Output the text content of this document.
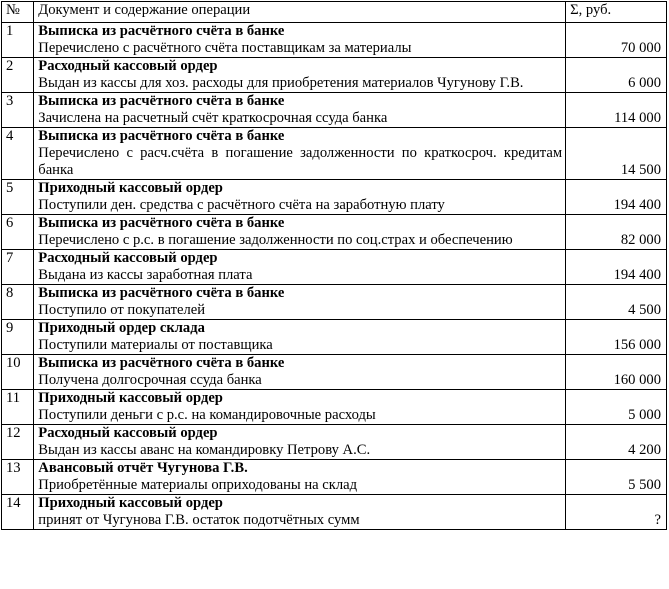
№	Документ и содержание операции	Σ, руб.
1	Выписка из расчётного счёта в банке
Перечислено с расчётного счёта поставщикам за материалы	70 000
2	Расходный кассовый ордер
Выдан из кассы для хоз. расходы для приобретения материалов Чугунову Г.В.	6 000
3	Выписка из расчётного счёта в банке
Зачислена на расчетный счёт краткосрочная ссуда банка	114 000
4	Выписка из расчётного счёта в банке
Перечислено с расч.счёта в погашение задолженности по краткосроч. кредитам банка	14 500
5	Приходный кассовый ордер
Поступили ден. средства с расчётного счёта на заработную плату	194 400
6	Выписка из расчётного счёта в банке
Перечислено с р.с. в погашение задолженности по соц.страх и обеспечению	82 000
7	Расходный кассовый ордер
Выдана из кассы заработная плата	194 400
8	Выписка из расчётного счёта в банке
Поступило от покупателей	4 500
9	Приходный ордер склада
Поступили материалы от поставщика	156 000
10	Выписка из расчётного счёта в банке
Получена долгосрочная ссуда банка	160 000
11	Приходный кассовый ордер
Поступили деньги с р.с. на командировочные расходы	5 000
12	Расходный кассовый ордер
Выдан из кассы аванс на командировку Петрову А.С.	4 200
13	Авансовый отчёт Чугунова Г.В.
Приобретённые материалы оприходованы на склад	5 500
14	Приходный кассовый ордер
принят от Чугунова Г.В. остаток подотчётных сумм	?
